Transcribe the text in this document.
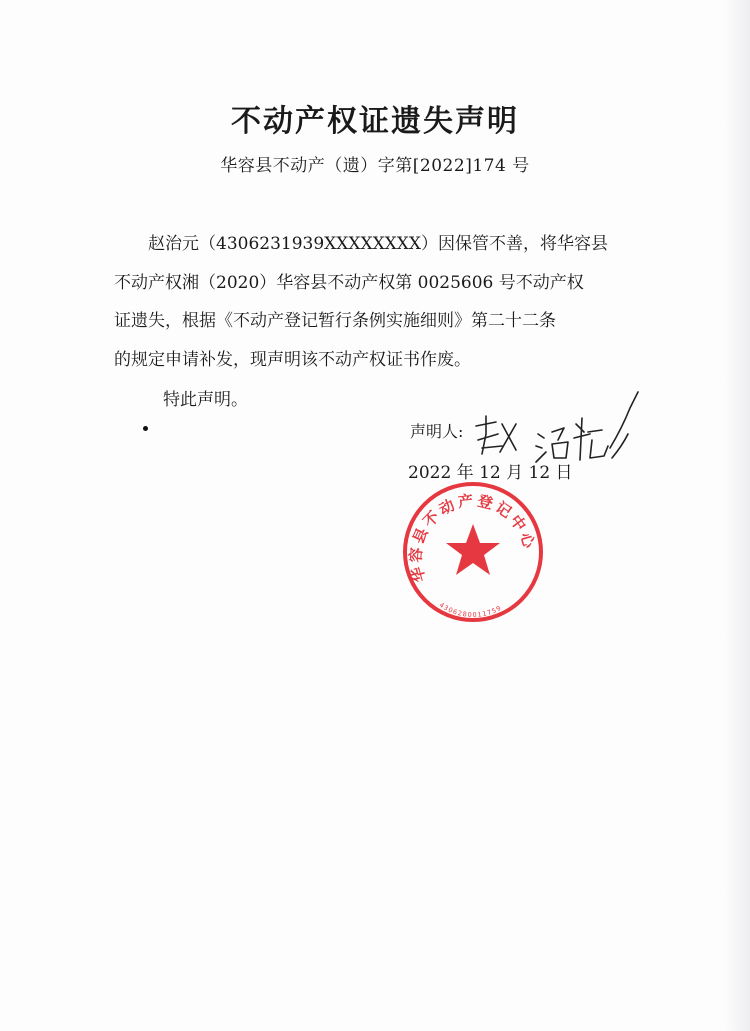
不动产权证遗失声明
华容县不动产（遗）字第[2022]174 号

赵治元（4306231939XXXXXXXX）因保管不善，将华容县
不动产权湘（2020）华容县不动产权第 0025606 号不动产权
证遗失，根据《不动产登记暂行条例实施细则》第二十二条
的规定申请补发，现声明该不动产权证书作废。

特此声明。
声明人:
2022 年 12 月 12 日
华容县不动产登记中心
4306280011759
